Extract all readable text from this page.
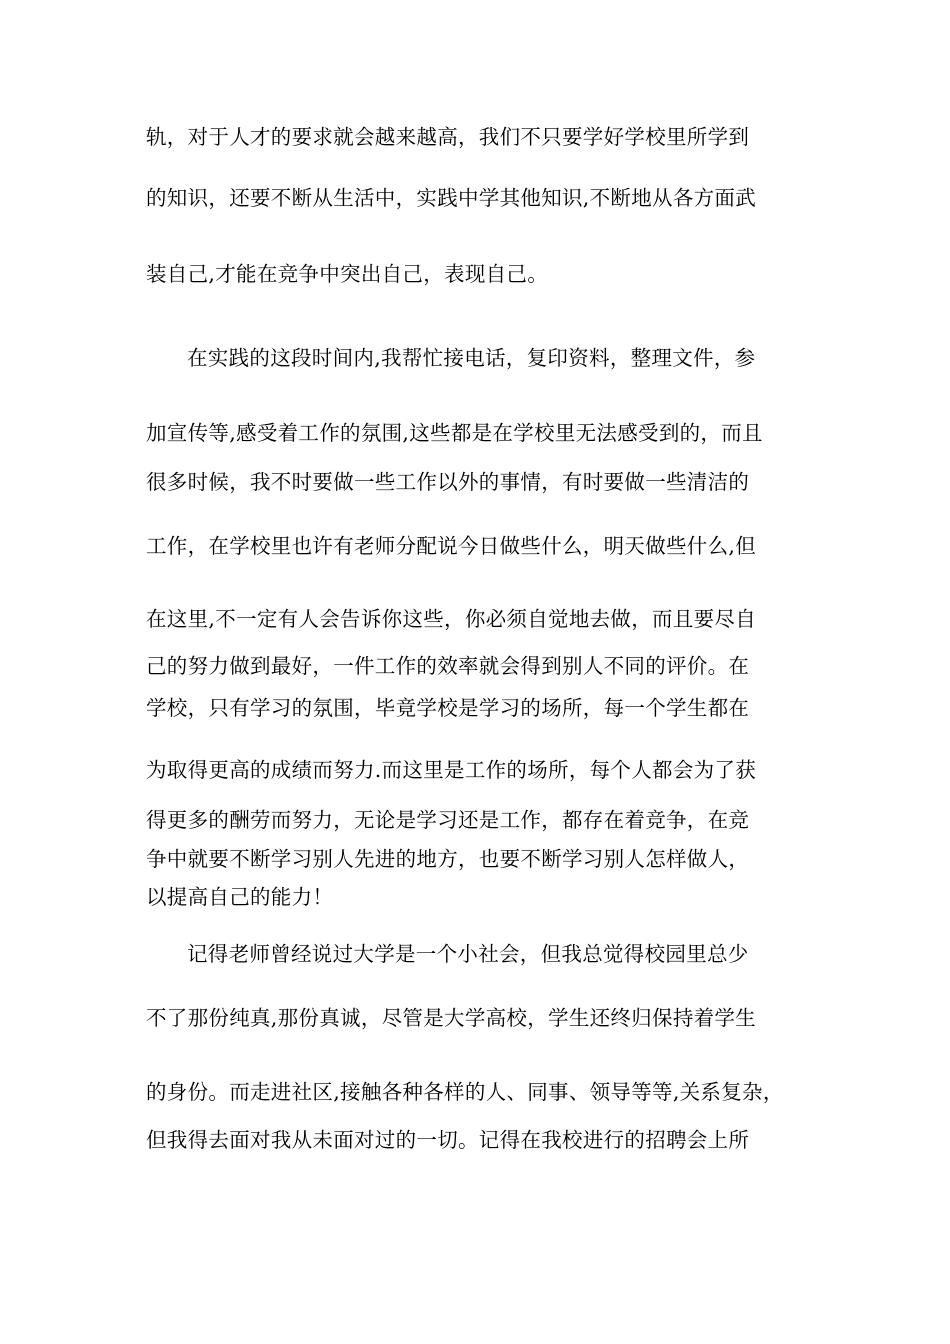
轨，对于人才的要求就会越来越高，我们不只要学好学校里所学到
的知识，还要不断从生活中，实践中学其他知识,不断地从各方面武
装自己,才能在竞争中突出自己，表现自己。
在实践的这段时间内,我帮忙接电话，复印资料，整理文件，参
加宣传等,感受着工作的氛围,这些都是在学校里无法感受到的，而且
很多时候，我不时要做一些工作以外的事情，有时要做一些清洁的
工作，在学校里也许有老师分配说今日做些什么，明天做些什么,但
在这里,不一定有人会告诉你这些，你必须自觉地去做，而且要尽自
己的努力做到最好，一件工作的效率就会得到别人不同的评价。在
学校，只有学习的氛围，毕竟学校是学习的场所，每一个学生都在
为取得更高的成绩而努力.而这里是工作的场所，每个人都会为了获
得更多的酬劳而努力，无论是学习还是工作，都存在着竞争，在竞
争中就要不断学习别人先进的地方，也要不断学习别人怎样做人，
以提高自己的能力！
记得老师曾经说过大学是一个小社会，但我总觉得校园里总少
不了那份纯真,那份真诚，尽管是大学高校，学生还终归保持着学生
的身份。而走进社区,接触各种各样的人、同事、领导等等,关系复杂，
但我得去面对我从未面对过的一切。记得在我校进行的招聘会上所
